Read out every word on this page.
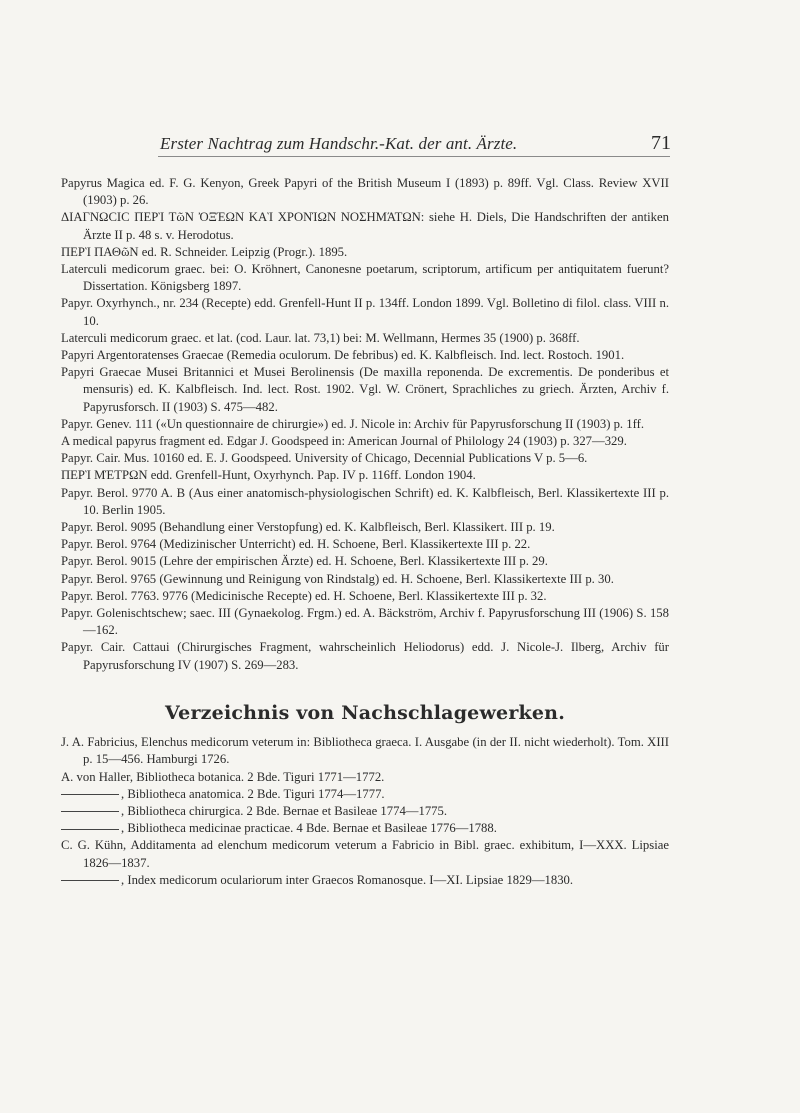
Erster Nachtrag zum Handschr.-Kat. der ant. Ärzte.	71

Papyrus Magica ed. F. G. Kenyon, Greek Papyri of the British Museum I (1893) p. 89ff. Vgl. Class. Review XVII (1903) p. 26.

ΔΙΑΓΝΩCΙC ΠΕΡῚ ΤῶΝ ὈΞΈΩΝ ΚΑῚ ΧΡΟΝΊΩΝ ΝΟΣΗΜΆΤΩΝ: siehe H. Diels, Die Handschriften der antiken Ärzte II p. 48 s. v. Herodotus.

ΠΕΡῚ ΠΑΘῶΝ ed. R. Schneider. Leipzig (Progr.). 1895.

Laterculi medicorum graec. bei: O. Kröhnert, Canonesne poetarum, scriptorum, artificum per antiquitatem fuerunt? Dissertation. Königsberg 1897.

Papyr. Oxyrhynch., nr. 234 (Recepte) edd. Grenfell-Hunt II p. 134ff. London 1899. Vgl. Bolletino di filol. class. VIII n. 10.

Laterculi medicorum graec. et lat. (cod. Laur. lat. 73,1) bei: M. Wellmann, Hermes 35 (1900) p. 368ff.

Papyri Argentoratenses Graecae (Remedia oculorum. De febribus) ed. K. Kalbfleisch. Ind. lect. Rostoch. 1901.

Papyri Graecae Musei Britannici et Musei Berolinensis (De maxilla reponenda. De excrementis. De ponderibus et mensuris) ed. K. Kalbfleisch. Ind. lect. Rost. 1902. Vgl. W. Crönert, Sprachliches zu griech. Ärzten, Archiv f. Papyrusforsch. II (1903) S. 475—482.

Papyr. Genev. 111 («Un questionnaire de chirurgie») ed. J. Nicole in: Archiv für Papyrusforschung II (1903) p. 1ff.

A medical papyrus fragment ed. Edgar J. Goodspeed in: American Journal of Philology 24 (1903) p. 327—329.

Papyr. Cair. Mus. 10160 ed. E. J. Goodspeed. University of Chicago, Decennial Publications V p. 5—6.

ΠΕΡῚ ΜΈΤΡΩΝ edd. Grenfell-Hunt, Oxyrhynch. Pap. IV p. 116ff. London 1904.

Papyr. Berol. 9770 A. B (Aus einer anatomisch-physiologischen Schrift) ed. K. Kalbfleisch, Berl. Klassikertexte III p. 10. Berlin 1905.

Papyr. Berol. 9095 (Behandlung einer Verstopfung) ed. K. Kalbfleisch, Berl. Klassikert. III p. 19.

Papyr. Berol. 9764 (Medizinischer Unterricht) ed. H. Schoene, Berl. Klassikertexte III p. 22.

Papyr. Berol. 9015 (Lehre der empirischen Ärzte) ed. H. Schoene, Berl. Klassikertexte III p. 29.

Papyr. Berol. 9765 (Gewinnung und Reinigung von Rindstalg) ed. H. Schoene, Berl. Klassikertexte III p. 30.

Papyr. Berol. 7763. 9776 (Medicinische Recepte) ed. H. Schoene, Berl. Klassikertexte III p. 32.

Papyr. Golenischtschew; saec. III (Gynaekolog. Frgm.) ed. A. Bäckström, Archiv f. Papyrusforschung III (1906) S. 158—162.

Papyr. Cair. Cattaui (Chirurgisches Fragment, wahrscheinlich Heliodorus) edd. J. Nicole-J. Ilberg, Archiv für Papyrusforschung IV (1907) S. 269—283.

Verzeichnis von Nachschlagewerken.

J. A. Fabricius, Elenchus medicorum veterum in: Bibliotheca graeca. I. Ausgabe (in der II. nicht wiederholt). Tom. XIII p. 15—456. Hamburgi 1726.

A. von Haller, Bibliotheca botanica. 2 Bde. Tiguri 1771—1772.

, Bibliotheca anatomica. 2 Bde. Tiguri 1774—1777.

, Bibliotheca chirurgica. 2 Bde. Bernae et Basileae 1774—1775.

, Bibliotheca medicinae practicae. 4 Bde. Bernae et Basileae 1776—1788.

C. G. Kühn, Additamenta ad elenchum medicorum veterum a Fabricio in Bibl. graec. exhibitum, I—XXX. Lipsiae 1826—1837.

, Index medicorum oculariorum inter Graecos Romanosque. I—XI. Lipsiae 1829—1830.
